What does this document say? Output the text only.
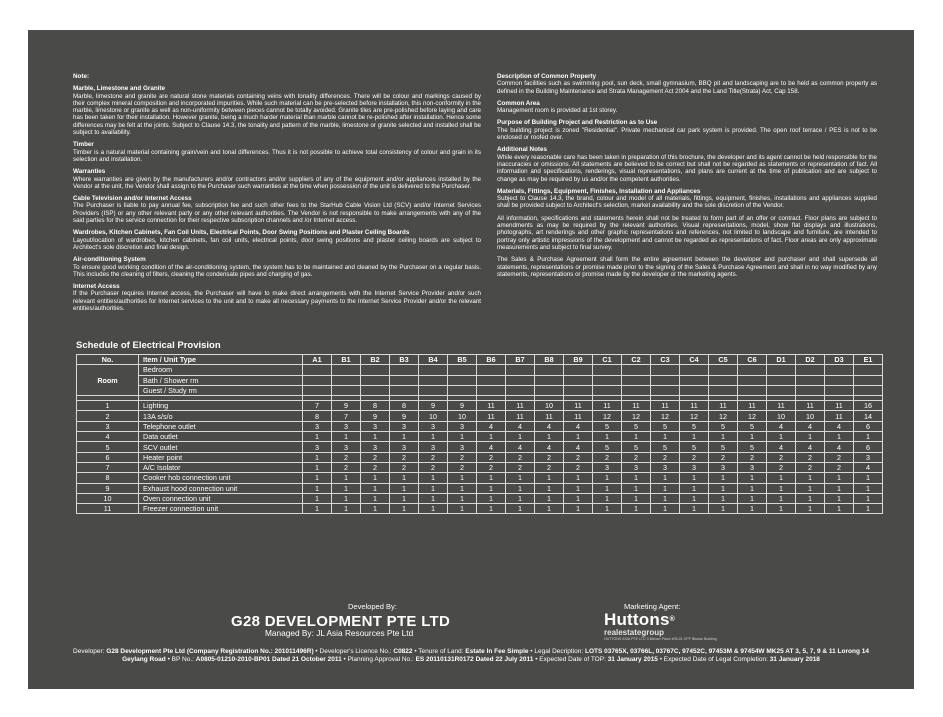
Note:
Marble, Limestone and Granite

Marble, limestone and granite are natural stone materials containing veins with tonality differences. There will be colour and markings caused by their complex mineral composition and incorporated impurities. While such material can be pre-selected before installation, this non-conformity in the marble, limestone or granite as well as non-uniformity between pieces cannot be totally avoided. Granite tiles are pre-polished before laying and care has been taken for their installation. However granite, being a much harder material than marble cannot be re-polished after installation. Hence some differences may be felt at the joints. Subject to Clause 14.3, the tonality and pattern of the marble, limestone or granite selected and installed shall be subject to availability.

Timber

Timber is a natural material containing grain/vein and tonal differences. Thus it is not possible to achieve total consistency of colour and grain in its selection and installation.

Warranties

Where warranties are given by the manufacturers and/or contractors and/or suppliers of any of the equipment and/or appliances installed by the Vendor at the unit, the Vendor shall assign to the Purchaser such warranties at the time when possession of the unit is delivered to the Purchaser.

Cable Television and/or Internet Access

The Purchaser is liable to pay annual fee, subscription fee and such other fees to the StarHub Cable Vision Ltd (SCV) and/or Internet Services Providers (ISP) or any other relevant party or any other relevant authorities. The Vendor is not responsible to make arrangements with any of the said parties for the service connection for their respective subscription channels and /or Internet access.

Wardrobes, Kitchen Cabinets, Fan Coil Units, Electrical Points, Door Swing Positions and Plaster Ceiling Boards

Layout/location of wardrobes, kitchen cabinets, fan coil units, electrical points, door swing positions and plaster ceiling boards are subject to Architect's sole discretion and final design.

Air-conditioning System

To ensure good working condition of the air-conditioning system, the system has to be maintained and cleaned by the Purchaser on a regular basis. This includes the cleaning of filters, cleaning the condensate pipes and charging of gas.

Internet Access

If the Purchaser requires Internet access, the Purchaser will have to make direct arrangements with the Internet Service Provider and/or such relevant entities/authorities for Internet services to the unit and to make all necessary payments to the Internet Service Provider and/or the relevant entities/authorities.

Description of Common Property

Common facilities such as swimming pool, sun deck, small gymnasium, BBQ pit and landscaping are to be held as common property as defined in the Building Maintenance and Strata Management Act 2004 and the Land Title(Strata) Act, Cap 158.

Common Area

Management room is provided at 1st storey.

Purpose of Building Project and Restriction as to Use

The building project is zoned "Residential". Private mechanical car park system is provided. The open roof terrace / PES is not to be enclosed or roofed over.

Additional Notes

While every reasonable care has been taken in preparation of this brochure, the developer and its agent cannot be held responsible for the inaccuracies or omissions. All statements are believed to be correct but shall not be regarded as statements or representation of fact. All information and specifications, renderings, visual representations, and plans are current at the time of publication and are subject to change as may be required by us and/or the competent authorities.

Materials, Fittings, Equipment, Finishes, Installation and Appliances

Subject to Clause 14.3, the brand, colour and model of all materials, fittings, equipment, finishes, installations and appliances supplied shall be provided subject to Architect's selection, market availability and the sole discretion of the Vendor.

All information, specifications and statements herein shall not be treated to form part of an offer or contract. Floor plans are subject to amendments as may be required by the relevant authorities. Visual representations, model, show flat displays and illustrations, photographs, art renderings and other graphic representations and references, not limited to landscape and furniture, are intended to portray only artistic impressions of the development and cannot be regarded as representations of fact. Floor areas are only approximate measurements and subject to final survey.

The Sales & Purchase Agreement shall form the entire agreement between the developer and purchaser and shall supersede all statements, representations or promise made prior to the signing of the Sales & Purchase Agreement and shall in no way modified by any statements, representations or promise made by the developer or the marketing agents.

Schedule of Electrical Provision
No.	Item / Unit Type	A1	B1	B2	B3	B4	B5	B6	B7	B8	B9	C1	C2	C3	C4	C5	C6	D1	D2	D3	E1
Room	Bedroom																				
	Bath / Shower rm																				
	Guest / Study rm																				

1	Lighting	7	9	8	8	9	9	11	11	10	11	11	11	11	11	11	11	11	11	11	16
2	13A s/s/o	8	7	9	9	10	10	11	11	11	11	12	12	12	12	12	12	10	10	11	14
3	Telephone outlet	3	3	3	3	3	3	4	4	4	4	5	5	5	5	5	5	4	4	4	6
4	Data outlet	1	1	1	1	1	1	1	1	1	1	1	1	1	1	1	1	1	1	1	1
5	SCV outlet	3	3	3	3	3	3	4	4	4	4	5	5	5	5	5	5	4	4	4	6
6	Heater point	1	2	2	2	2	2	2	2	2	2	2	2	2	2	2	2	2	2	2	3
7	A/C Isolator	1	2	2	2	2	2	2	2	2	2	3	3	3	3	3	3	2	2	2	4
8	Cooker hob connection unit	1	1	1	1	1	1	1	1	1	1	1	1	1	1	1	1	1	1	1	1
9	Exhaust hood connection unit	1	1	1	1	1	1	1	1	1	1	1	1	1	1	1	1	1	1	1	1
10	Oven connection unit	1	1	1	1	1	1	1	1	1	1	1	1	1	1	1	1	1	1	1	1
11	Freezer connection unit	1	1	1	1	1	1	1	1	1	1	1	1	1	1	1	1	1	1	1	1
Developed By:
G28 DEVELOPMENT PTE LTD
Managed By: JL Asia Resources Pte Ltd
Marketing Agent:
Huttons®
realestategroup
HUTTONS ASIA PTE LTD 3 Bishan Place #05-01 CPF Bishan Building
Developer: G28 Development Pte Ltd (Company Registration No.: 201011496R) • Developer's Licence No.: C0822 • Tenure of Land: Estate In Fee Simple • Legal Decription: LOTS 03765X, 03766L, 03767C, 97452C, 97453M & 97454W MK25 AT 3, 5, 7, 9 & 11 Lorong 14 Geylang Road • BP No.: A0805-01210-2010-BP01 Dated 21 October 2011 • Planning Approval No.: ES 20110131R0172 Dated 22 July 2011 • Expected Date of TOP: 31 January 2015 • Expected Date of Legal Completion: 31 January 2018
